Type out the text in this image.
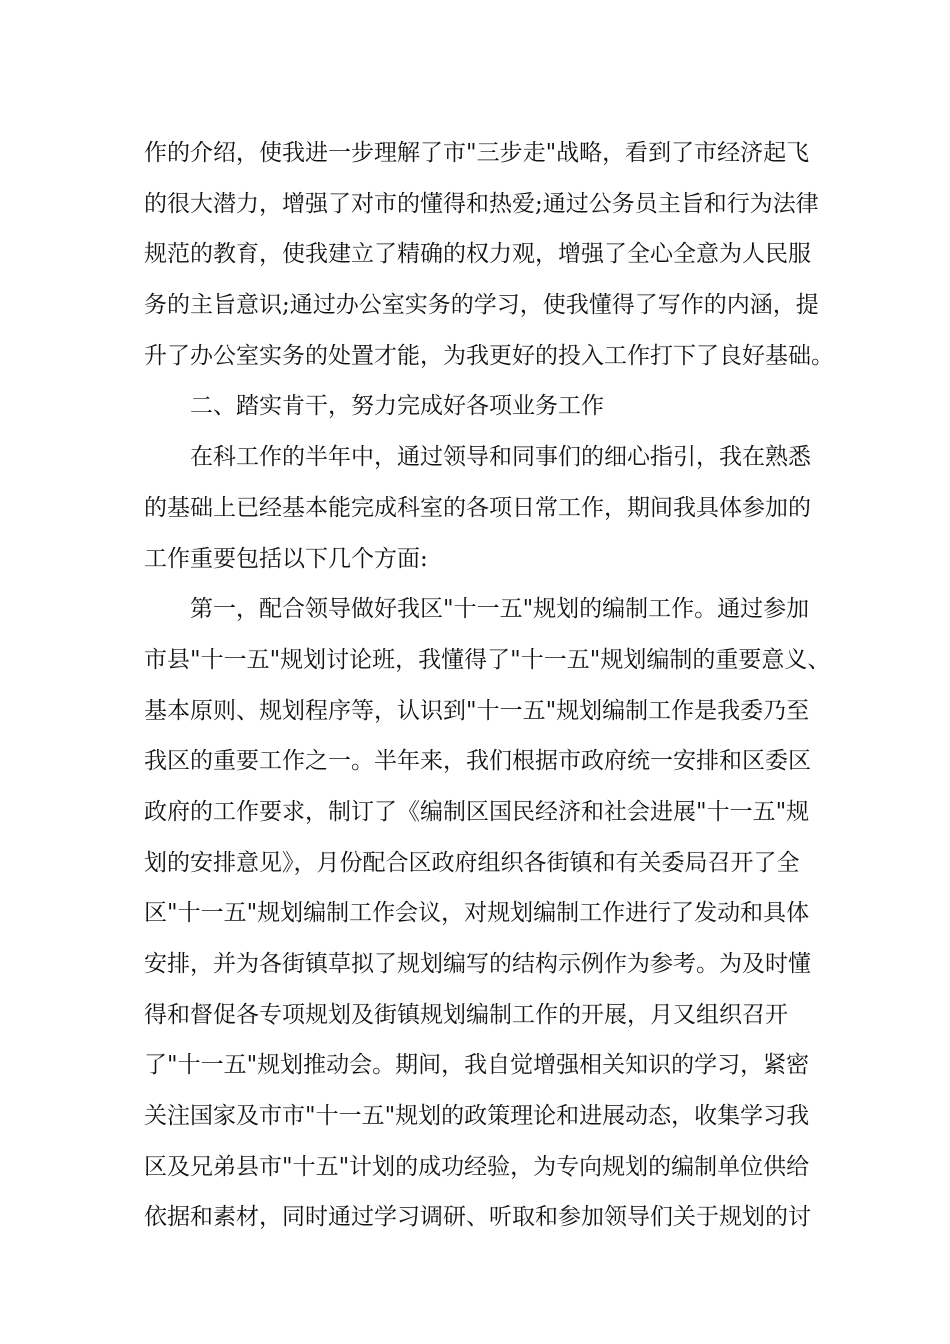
作的介绍，使我进一步理解了市"三步走"战略，看到了市经济起飞
的很大潜力，增强了对市的懂得和热爱;通过公务员主旨和行为法律
规范的教育，使我建立了精确的权力观，增强了全心全意为人民服
务的主旨意识;通过办公室实务的学习，使我懂得了写作的内涵，提
升了办公室实务的处置才能，为我更好的投入工作打下了良好基础。
二、踏实肯干，努力完成好各项业务工作
在科工作的半年中，通过领导和同事们的细心指引，我在熟悉
的基础上已经基本能完成科室的各项日常工作，期间我具体参加的
工作重要包括以下几个方面:
第一，配合领导做好我区"十一五"规划的编制工作。通过参加
市县"十一五"规划讨论班，我懂得了"十一五"规划编制的重要意义、
基本原则、规划程序等，认识到"十一五"规划编制工作是我委乃至
我区的重要工作之一。半年来，我们根据市政府统一安排和区委区
政府的工作要求，制订了《编制区国民经济和社会进展"十一五"规
划的安排意见》，月份配合区政府组织各街镇和有关委局召开了全
区"十一五"规划编制工作会议，对规划编制工作进行了发动和具体
安排，并为各街镇草拟了规划编写的结构示例作为参考。为及时懂
得和督促各专项规划及街镇规划编制工作的开展，月又组织召开
了"十一五"规划推动会。期间，我自觉增强相关知识的学习，紧密
关注国家及市市"十一五"规划的政策理论和进展动态，收集学习我
区及兄弟县市"十五"计划的成功经验，为专向规划的编制单位供给
依据和素材，同时通过学习调研、听取和参加领导们关于规划的讨
